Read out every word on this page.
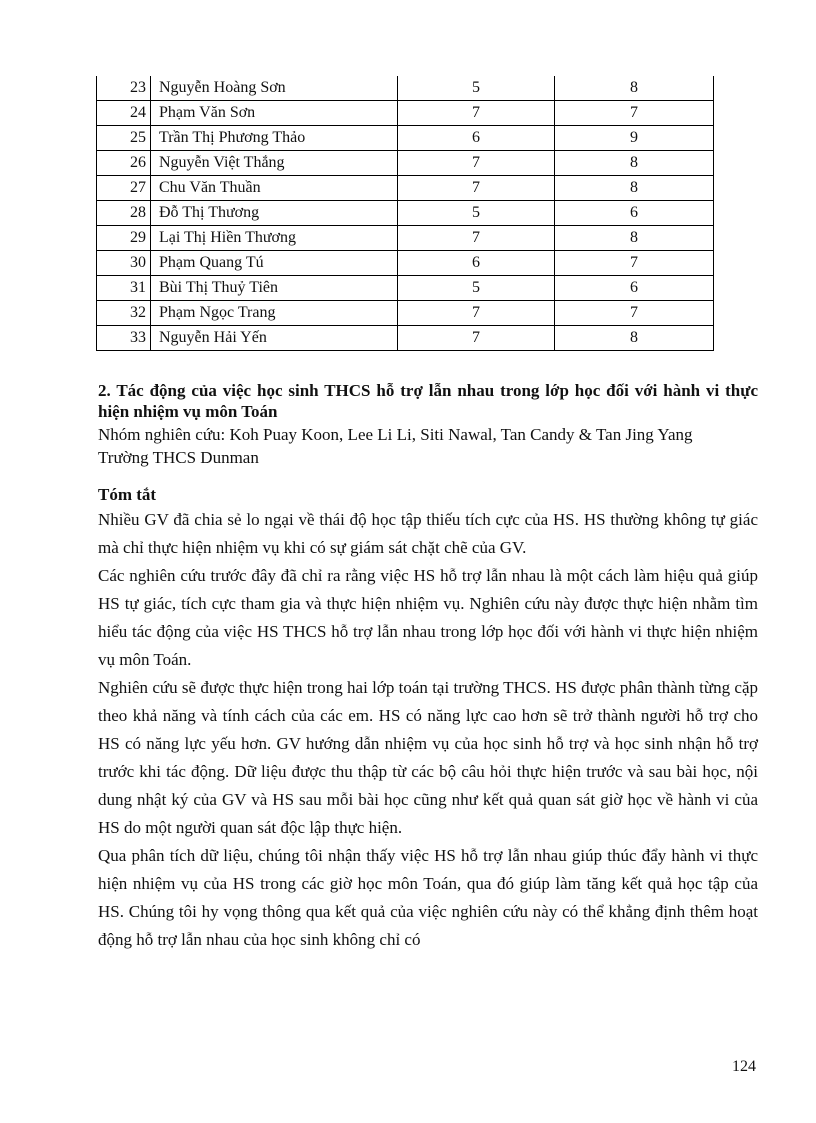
23	Nguyễn Hoàng Sơn	5	8
24	Phạm Văn Sơn	7	7
25	Trần Thị Phương Thảo	6	9
26	Nguyễn Việt Thắng	7	8
27	Chu Văn Thuần	7	8
28	Đỗ Thị Thương	5	6
29	Lại Thị Hiền Thương	7	8
30	Phạm Quang Tú	6	7
31	Bùi Thị Thuỷ Tiên	5	6
32	Phạm Ngọc Trang	7	7
33	Nguyễn Hải Yến	7	8

2. Tác động của việc học sinh THCS hỗ trợ lẫn nhau trong lớp học đối với hành vi thực hiện nhiệm vụ môn Toán

Nhóm nghiên cứu: Koh Puay Koon, Lee Li Li, Siti Nawal, Tan Candy & Tan Jing Yang

Trường THCS Dunman

Tóm tắt

Nhiều GV đã chia sẻ lo ngại về thái độ học tập thiếu tích cực của HS. HS thường không tự giác mà chỉ thực hiện nhiệm vụ khi có sự giám sát chặt chẽ của GV.

Các nghiên cứu trước đây đã chỉ ra rằng việc HS hỗ trợ lẫn nhau là một cách làm hiệu quả giúp HS tự giác, tích cực tham gia và thực hiện nhiệm vụ. Nghiên cứu này được thực hiện nhằm tìm hiểu tác động của việc HS THCS hỗ trợ lẫn nhau trong lớp học đối với hành vi thực hiện nhiệm vụ môn Toán.

Nghiên cứu sẽ được thực hiện trong hai lớp toán tại trường THCS. HS được phân thành từng cặp theo khả năng và tính cách của các em. HS có năng lực cao hơn sẽ trở thành người hỗ trợ cho HS có năng lực yếu hơn. GV hướng dẫn nhiệm vụ của học sinh hỗ trợ và học sinh nhận hỗ trợ trước khi tác động. Dữ liệu được thu thập từ các bộ câu hỏi thực hiện trước và sau bài học, nội dung nhật ký của GV và HS sau mỗi bài học cũng như kết quả quan sát giờ học về hành vi của HS do một người quan sát độc lập thực hiện.

Qua phân tích dữ liệu, chúng tôi nhận thấy việc HS hỗ trợ lẫn nhau giúp thúc đẩy hành vi thực hiện nhiệm vụ của HS trong các giờ học môn Toán, qua đó giúp làm tăng kết quả học tập của HS. Chúng tôi hy vọng thông qua kết quả của việc nghiên cứu này có thể khẳng định thêm hoạt động hỗ trợ lẫn nhau của học sinh không chỉ có

124
